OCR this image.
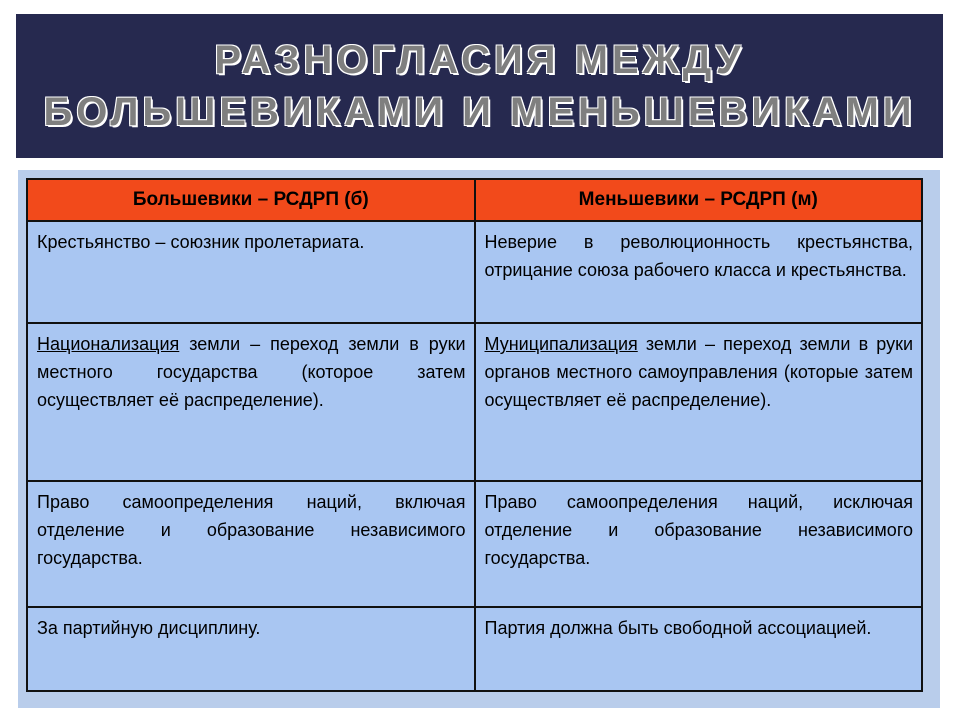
РАЗНОГЛАСИЯ МЕЖДУ
БОЛЬШЕВИКАМИ И МЕНЬШЕВИКАМИ
Большевики – РСДРП (б)	Меньшевики – РСДРП (м)
Крестьянство – союзник пролетариата.	Неверие в революционность крестьянства, отрицание союза рабочего класса и крестьянства.
Национализация земли – переход земли в руки местного государства (которое затем осуществляет её распределение).	Муниципализация земли – переход земли в руки органов местного самоуправления (которые затем осуществляет её распределение).
Право самоопределения наций, включая отделение и образование независимого государства.	Право самоопределения наций, исключая отделение и образование независимого государства.
За партийную дисциплину.	Партия должна быть свободной ассоциацией.
